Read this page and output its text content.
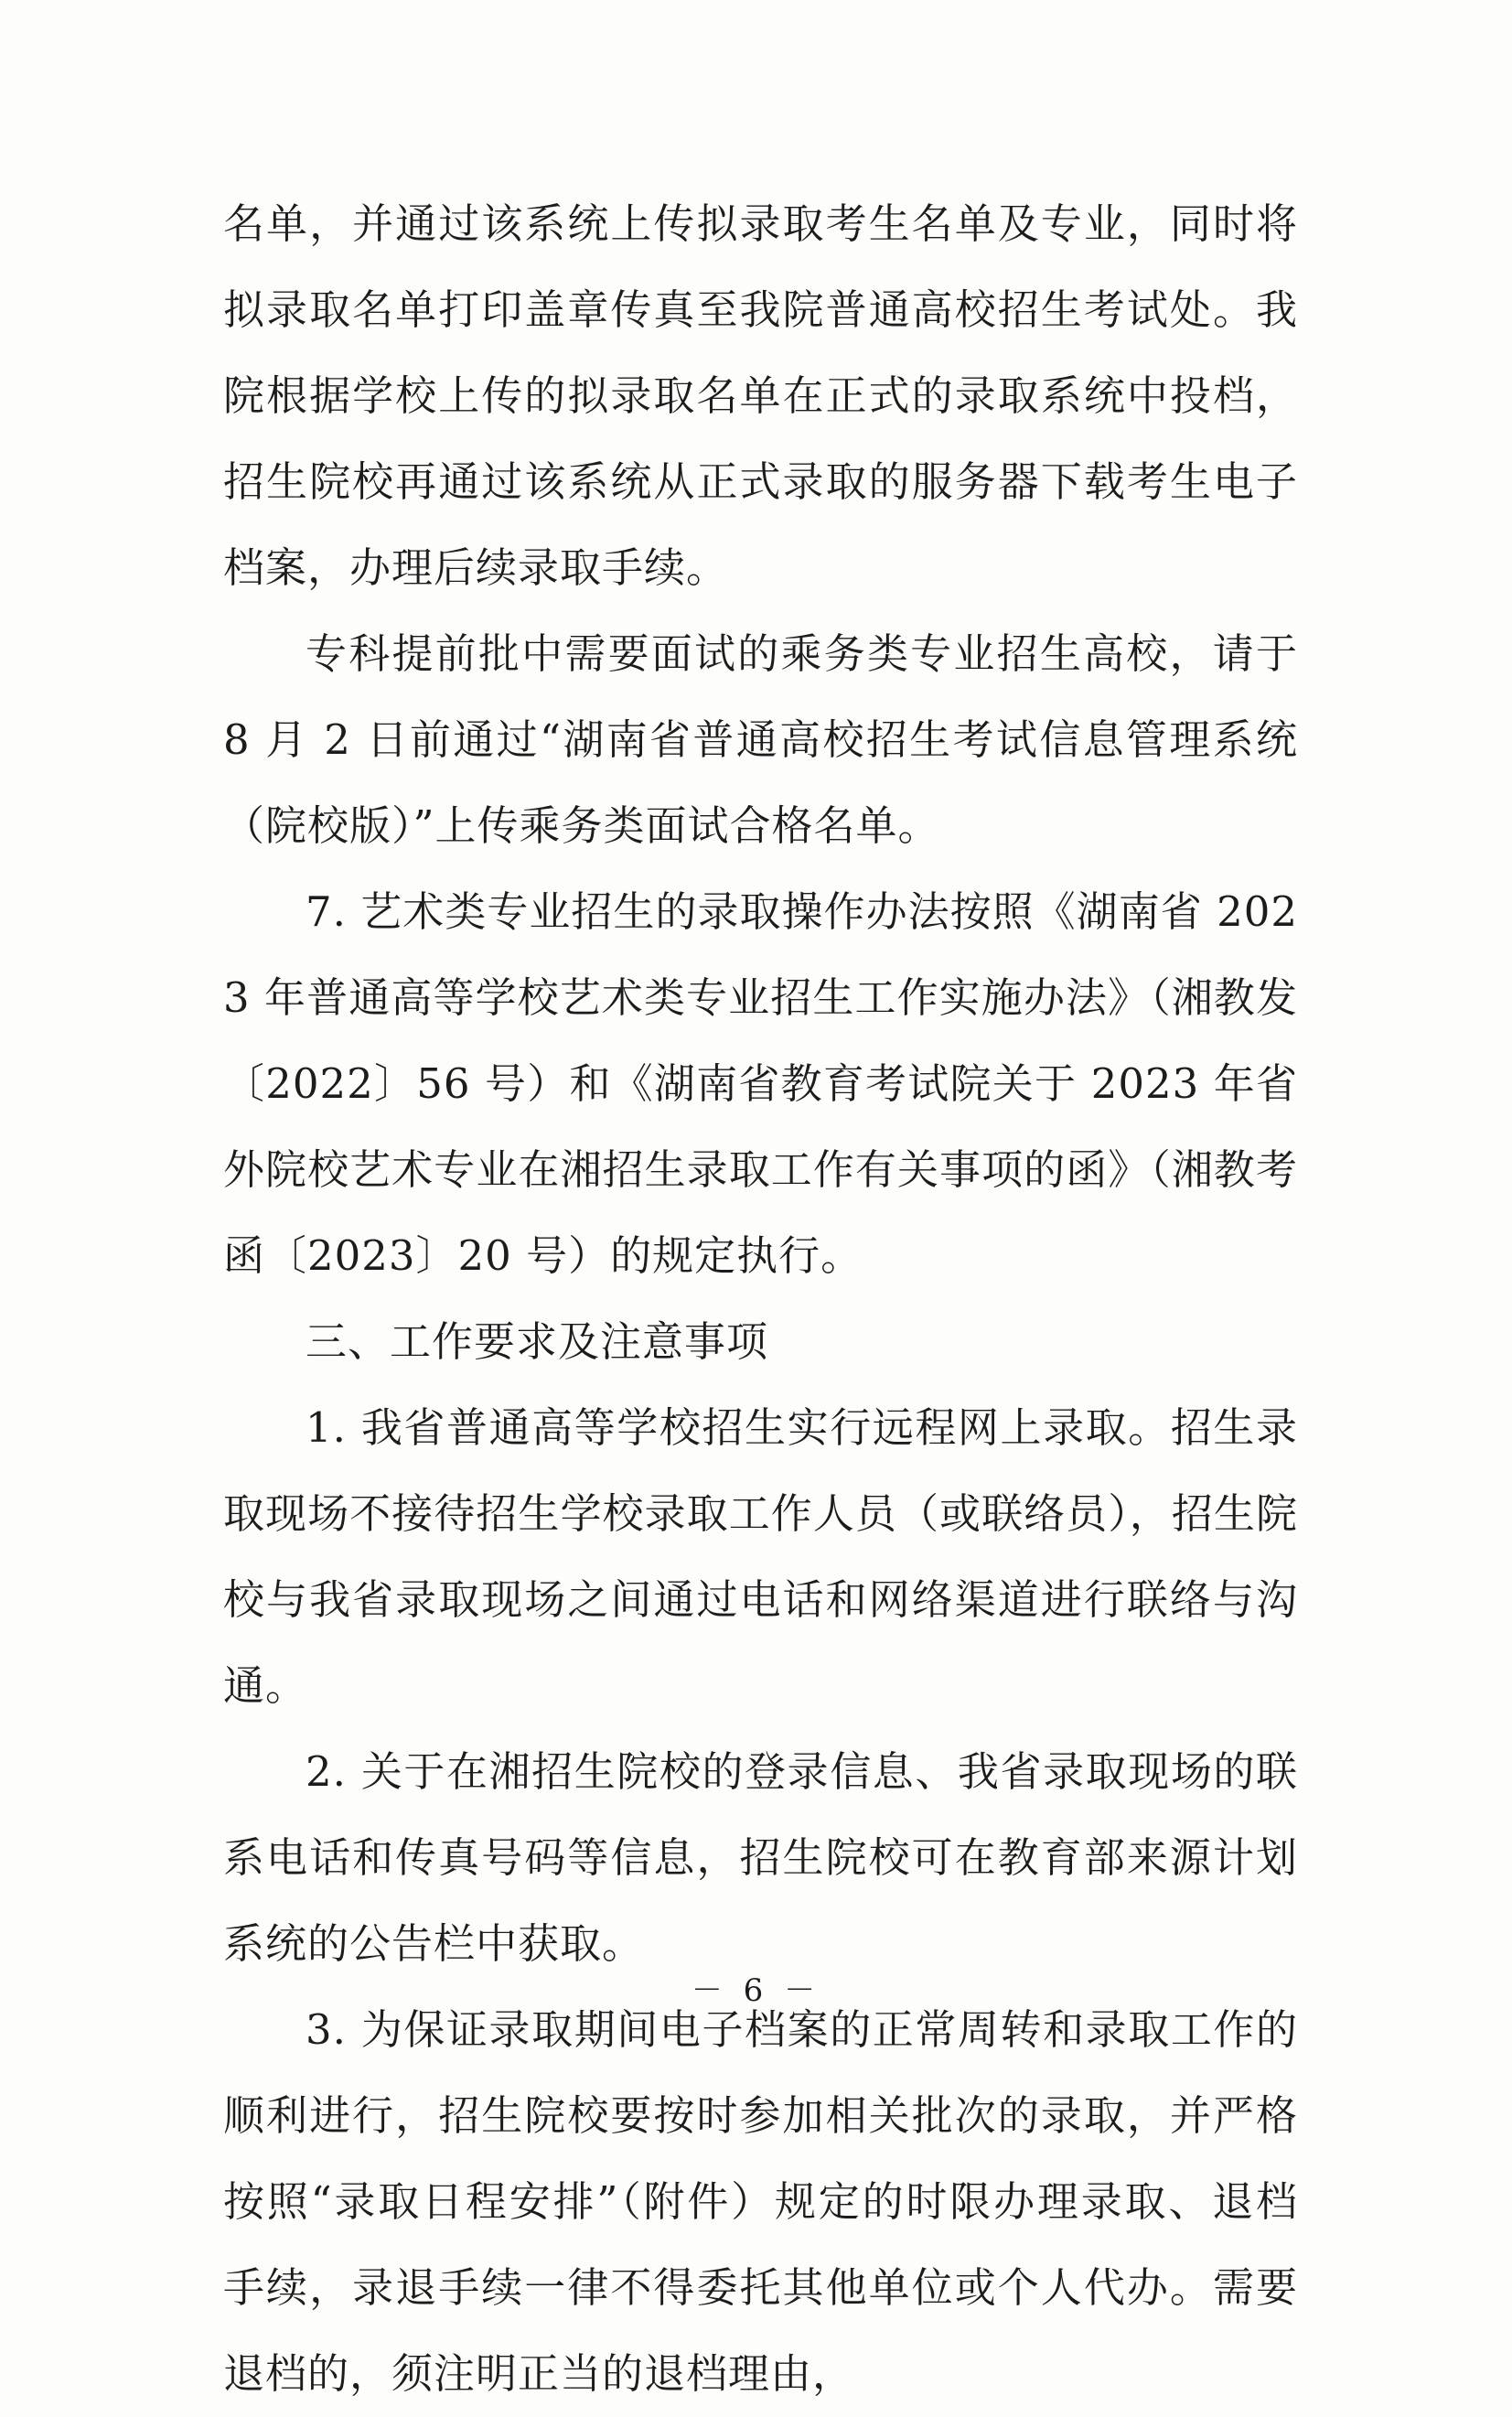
名单，并通过该系统上传拟录取考生名单及专业，同时将拟录取名单打印盖章传真至我院普通高校招生考试处。我院根据学校上传的拟录取名单在正式的录取系统中投档，招生院校再通过该系统从正式录取的服务器下载考生电子档案，办理后续录取手续。

专科提前批中需要面试的乘务类专业招生高校，请于 8 月 2 日前通过“湖南省普通高校招生考试信息管理系统（院校版）”上传乘务类面试合格名单。

7. 艺术类专业招生的录取操作办法按照《湖南省 2023 年普通高等学校艺术类专业招生工作实施办法》（湘教发〔2022〕56 号）和《湖南省教育考试院关于 2023 年省外院校艺术专业在湘招生录取工作有关事项的函》（湘教考函〔2023〕20 号）的规定执行。

三、工作要求及注意事项

1. 我省普通高等学校招生实行远程网上录取。招生录取现场不接待招生学校录取工作人员（或联络员），招生院校与我省录取现场之间通过电话和网络渠道进行联络与沟通。

2. 关于在湘招生院校的登录信息、我省录取现场的联系电话和传真号码等信息，招生院校可在教育部来源计划系统的公告栏中获取。

3. 为保证录取期间电子档案的正常周转和录取工作的顺利进行，招生院校要按时参加相关批次的录取，并严格按照“录取日程安排”（附件）规定的时限办理录取、退档手续，录退手续一律不得委托其他单位或个人代办。需要退档的，须注明正当的退档理由，

－ 6 －
